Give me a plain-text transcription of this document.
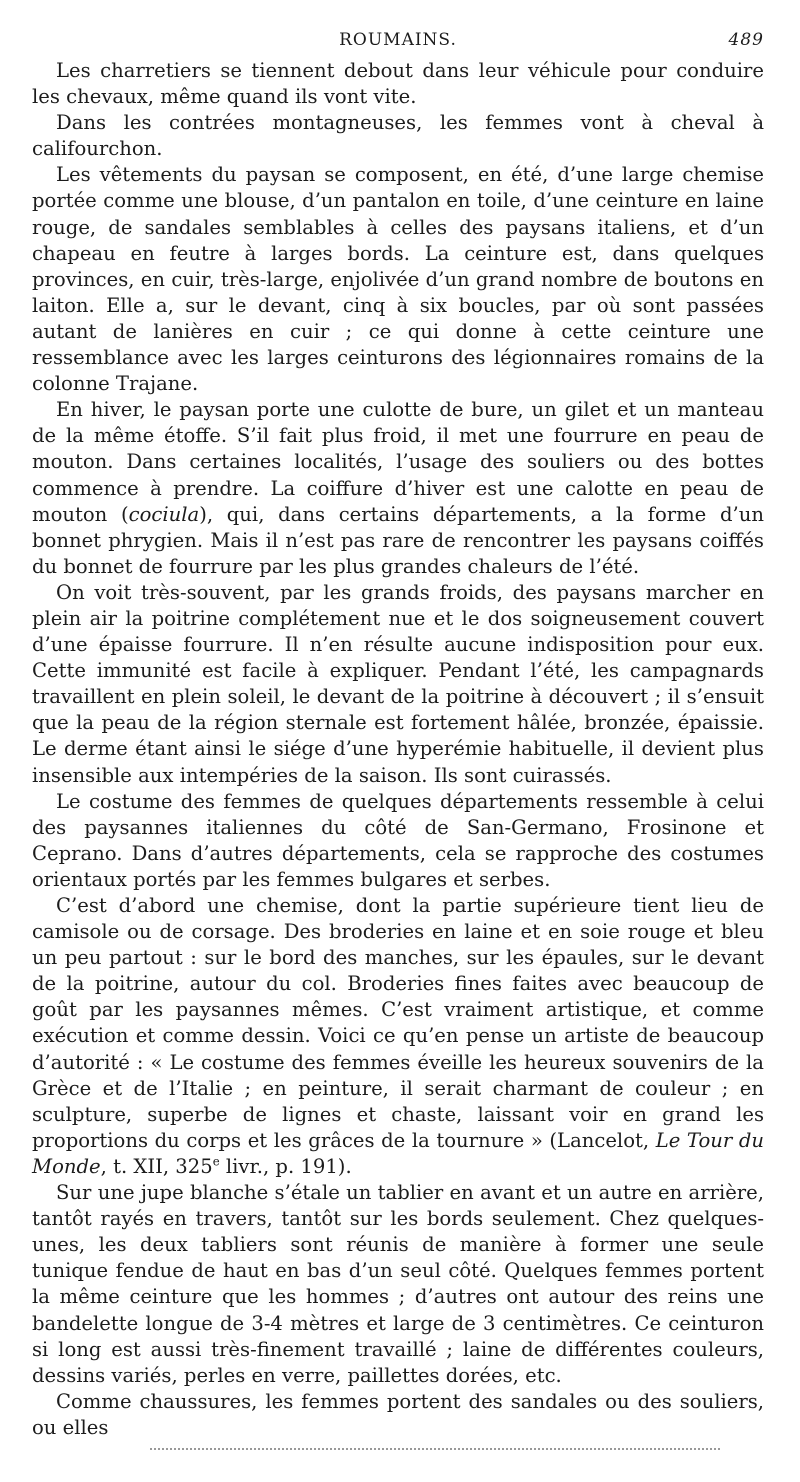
ROUMAINS.	489

Les charretiers se tiennent debout dans leur véhicule pour conduire les chevaux, même quand ils vont vite.

Dans les contrées montagneuses, les femmes vont à cheval à califourchon.

Les vêtements du paysan se composent, en été, d’une large chemise portée comme une blouse, d’un pantalon en toile, d’une ceinture en laine rouge, de sandales semblables à celles des paysans italiens, et d’un chapeau en feutre à larges bords. La ceinture est, dans quelques provinces, en cuir, très-large, enjolivée d’un grand nombre de boutons en laiton. Elle a, sur le devant, cinq à six boucles, par où sont passées autant de lanières en cuir ; ce qui donne à cette ceinture une ressemblance avec les larges ceinturons des légionnaires romains de la colonne Trajane.

En hiver, le paysan porte une culotte de bure, un gilet et un manteau de la même étoffe. S’il fait plus froid, il met une fourrure en peau de mouton. Dans certaines localités, l’usage des souliers ou des bottes commence à prendre. La coiffure d’hiver est une calotte en peau de mouton (cociula), qui, dans certains départements, a la forme d’un bonnet phrygien. Mais il n’est pas rare de rencontrer les paysans coiffés du bonnet de fourrure par les plus grandes chaleurs de l’été.

On voit très-souvent, par les grands froids, des paysans marcher en plein air la poitrine complétement nue et le dos soigneusement couvert d’une épaisse fourrure. Il n’en résulte aucune indisposition pour eux. Cette immunité est facile à expliquer. Pendant l’été, les campagnards travaillent en plein soleil, le devant de la poitrine à découvert ; il s’ensuit que la peau de la région sternale est fortement hâlée, bronzée, épaissie. Le derme étant ainsi le siége d’une hyperémie habituelle, il devient plus insensible aux intempéries de la saison. Ils sont cuirassés.

Le costume des femmes de quelques départements ressemble à celui des paysannes italiennes du côté de San-Germano, Frosinone et Ceprano. Dans d’autres départements, cela se rapproche des costumes orientaux portés par les femmes bulgares et serbes.

C’est d’abord une chemise, dont la partie supérieure tient lieu de camisole ou de corsage. Des broderies en laine et en soie rouge et bleu un peu partout : sur le bord des manches, sur les épaules, sur le devant de la poitrine, autour du col. Broderies fines faites avec beaucoup de goût par les paysannes mêmes. C’est vraiment artistique, et comme exécution et comme dessin. Voici ce qu’en pense un artiste de beaucoup d’autorité : « Le costume des femmes éveille les heureux souvenirs de la Grèce et de l’Italie ; en peinture, il serait charmant de couleur ; en sculpture, superbe de lignes et chaste, laissant voir en grand les proportions du corps et les grâces de la tournure » (Lancelot, Le Tour du Monde, t. XII, 325e livr., p. 191).

Sur une jupe blanche s’étale un tablier en avant et un autre en arrière, tantôt rayés en travers, tantôt sur les bords seulement. Chez quelques-unes, les deux tabliers sont réunis de manière à former une seule tunique fendue de haut en bas d’un seul côté. Quelques femmes portent la même ceinture que les hommes ; d’autres ont autour des reins une bandelette longue de 3-4 mètres et large de 3 centimètres. Ce ceinturon si long est aussi très-finement travaillé ; laine de différentes couleurs, dessins variés, perles en verre, paillettes dorées, etc.

Comme chaussures, les femmes portent des sandales ou des souliers, ou elles
